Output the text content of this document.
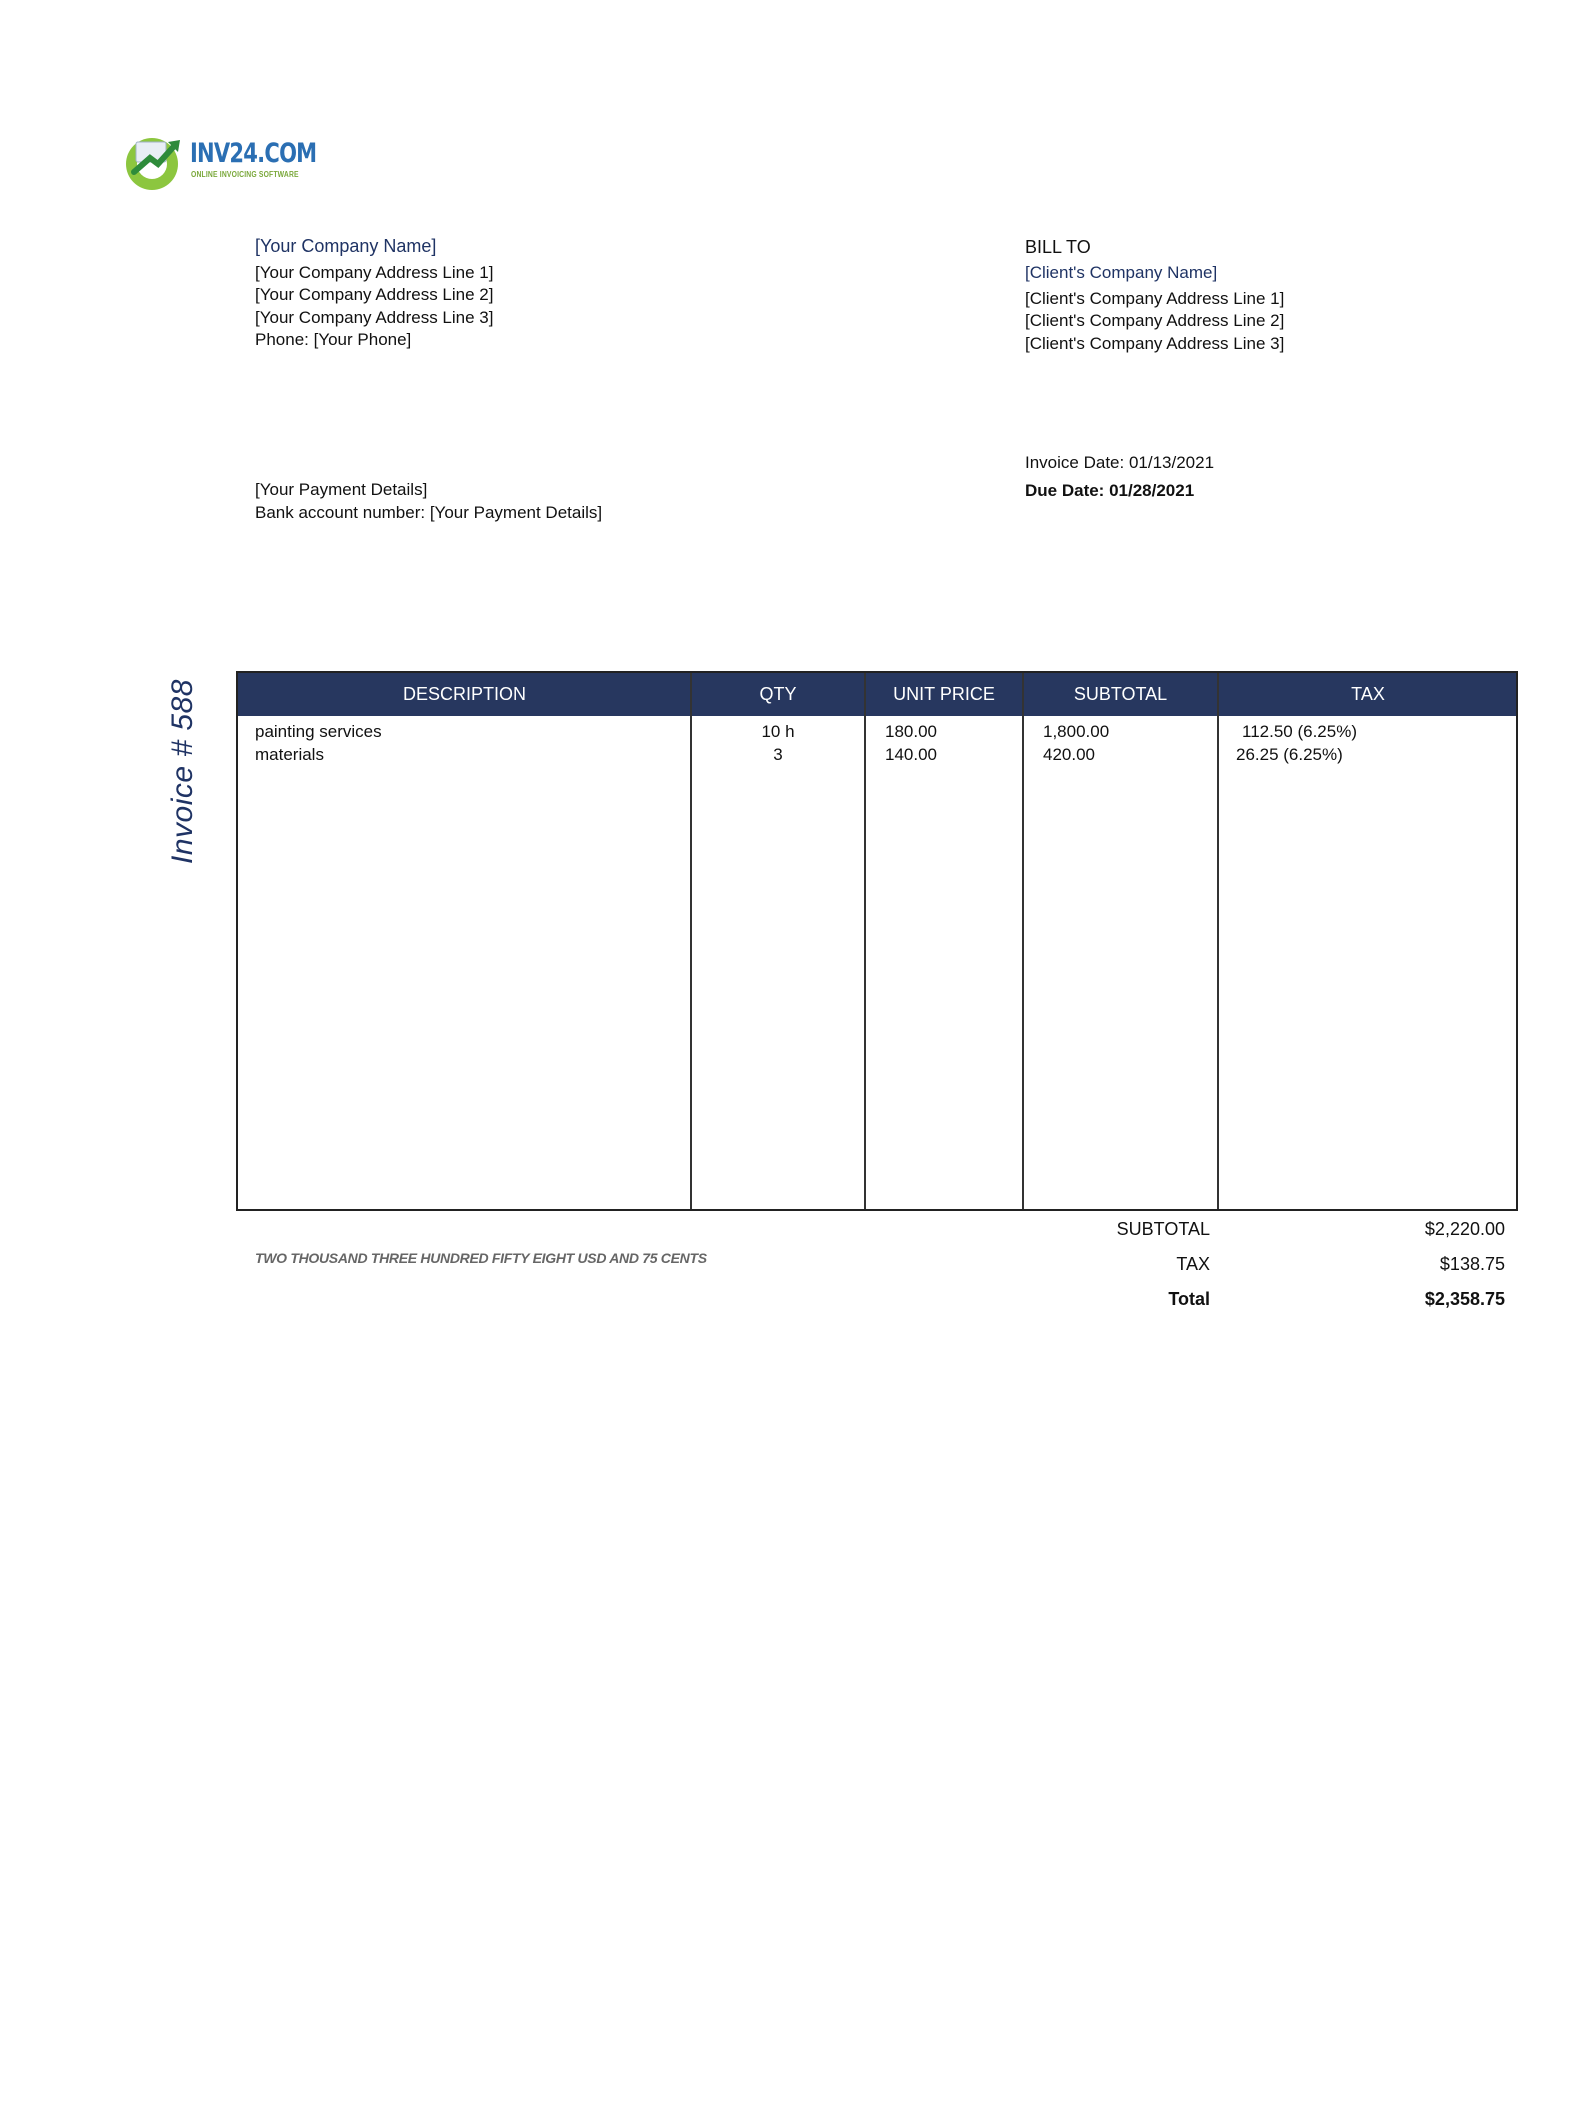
INV24.COM
ONLINE INVOICING SOFTWARE
[Your Company Name]
[Your Company Address Line 1]
[Your Company Address Line 2]
[Your Company Address Line 3]
Phone: [Your Phone]
BILL TO
[Client's Company Name]
[Client's Company Address Line 1]
[Client's Company Address Line 2]
[Client's Company Address Line 3]
Invoice Date: 01/13/2021
Due Date: 01/28/2021
[Your Payment Details]
Bank account number: [Your Payment Details]
Invoice # 588	DESCRIPTION	QTY	UNIT PRICE	SUBTOTAL	TAX
painting services	10 h	180.00	1,800.00	112.50 (6.25%)
materials	3	140.00	420.00	26.25 (6.25%)
TWO THOUSAND THREE HUNDRED FIFTY EIGHT USD AND 75 CENTS
SUBTOTAL	$2,220.00
TAX	$138.75
Total	$2,358.75
